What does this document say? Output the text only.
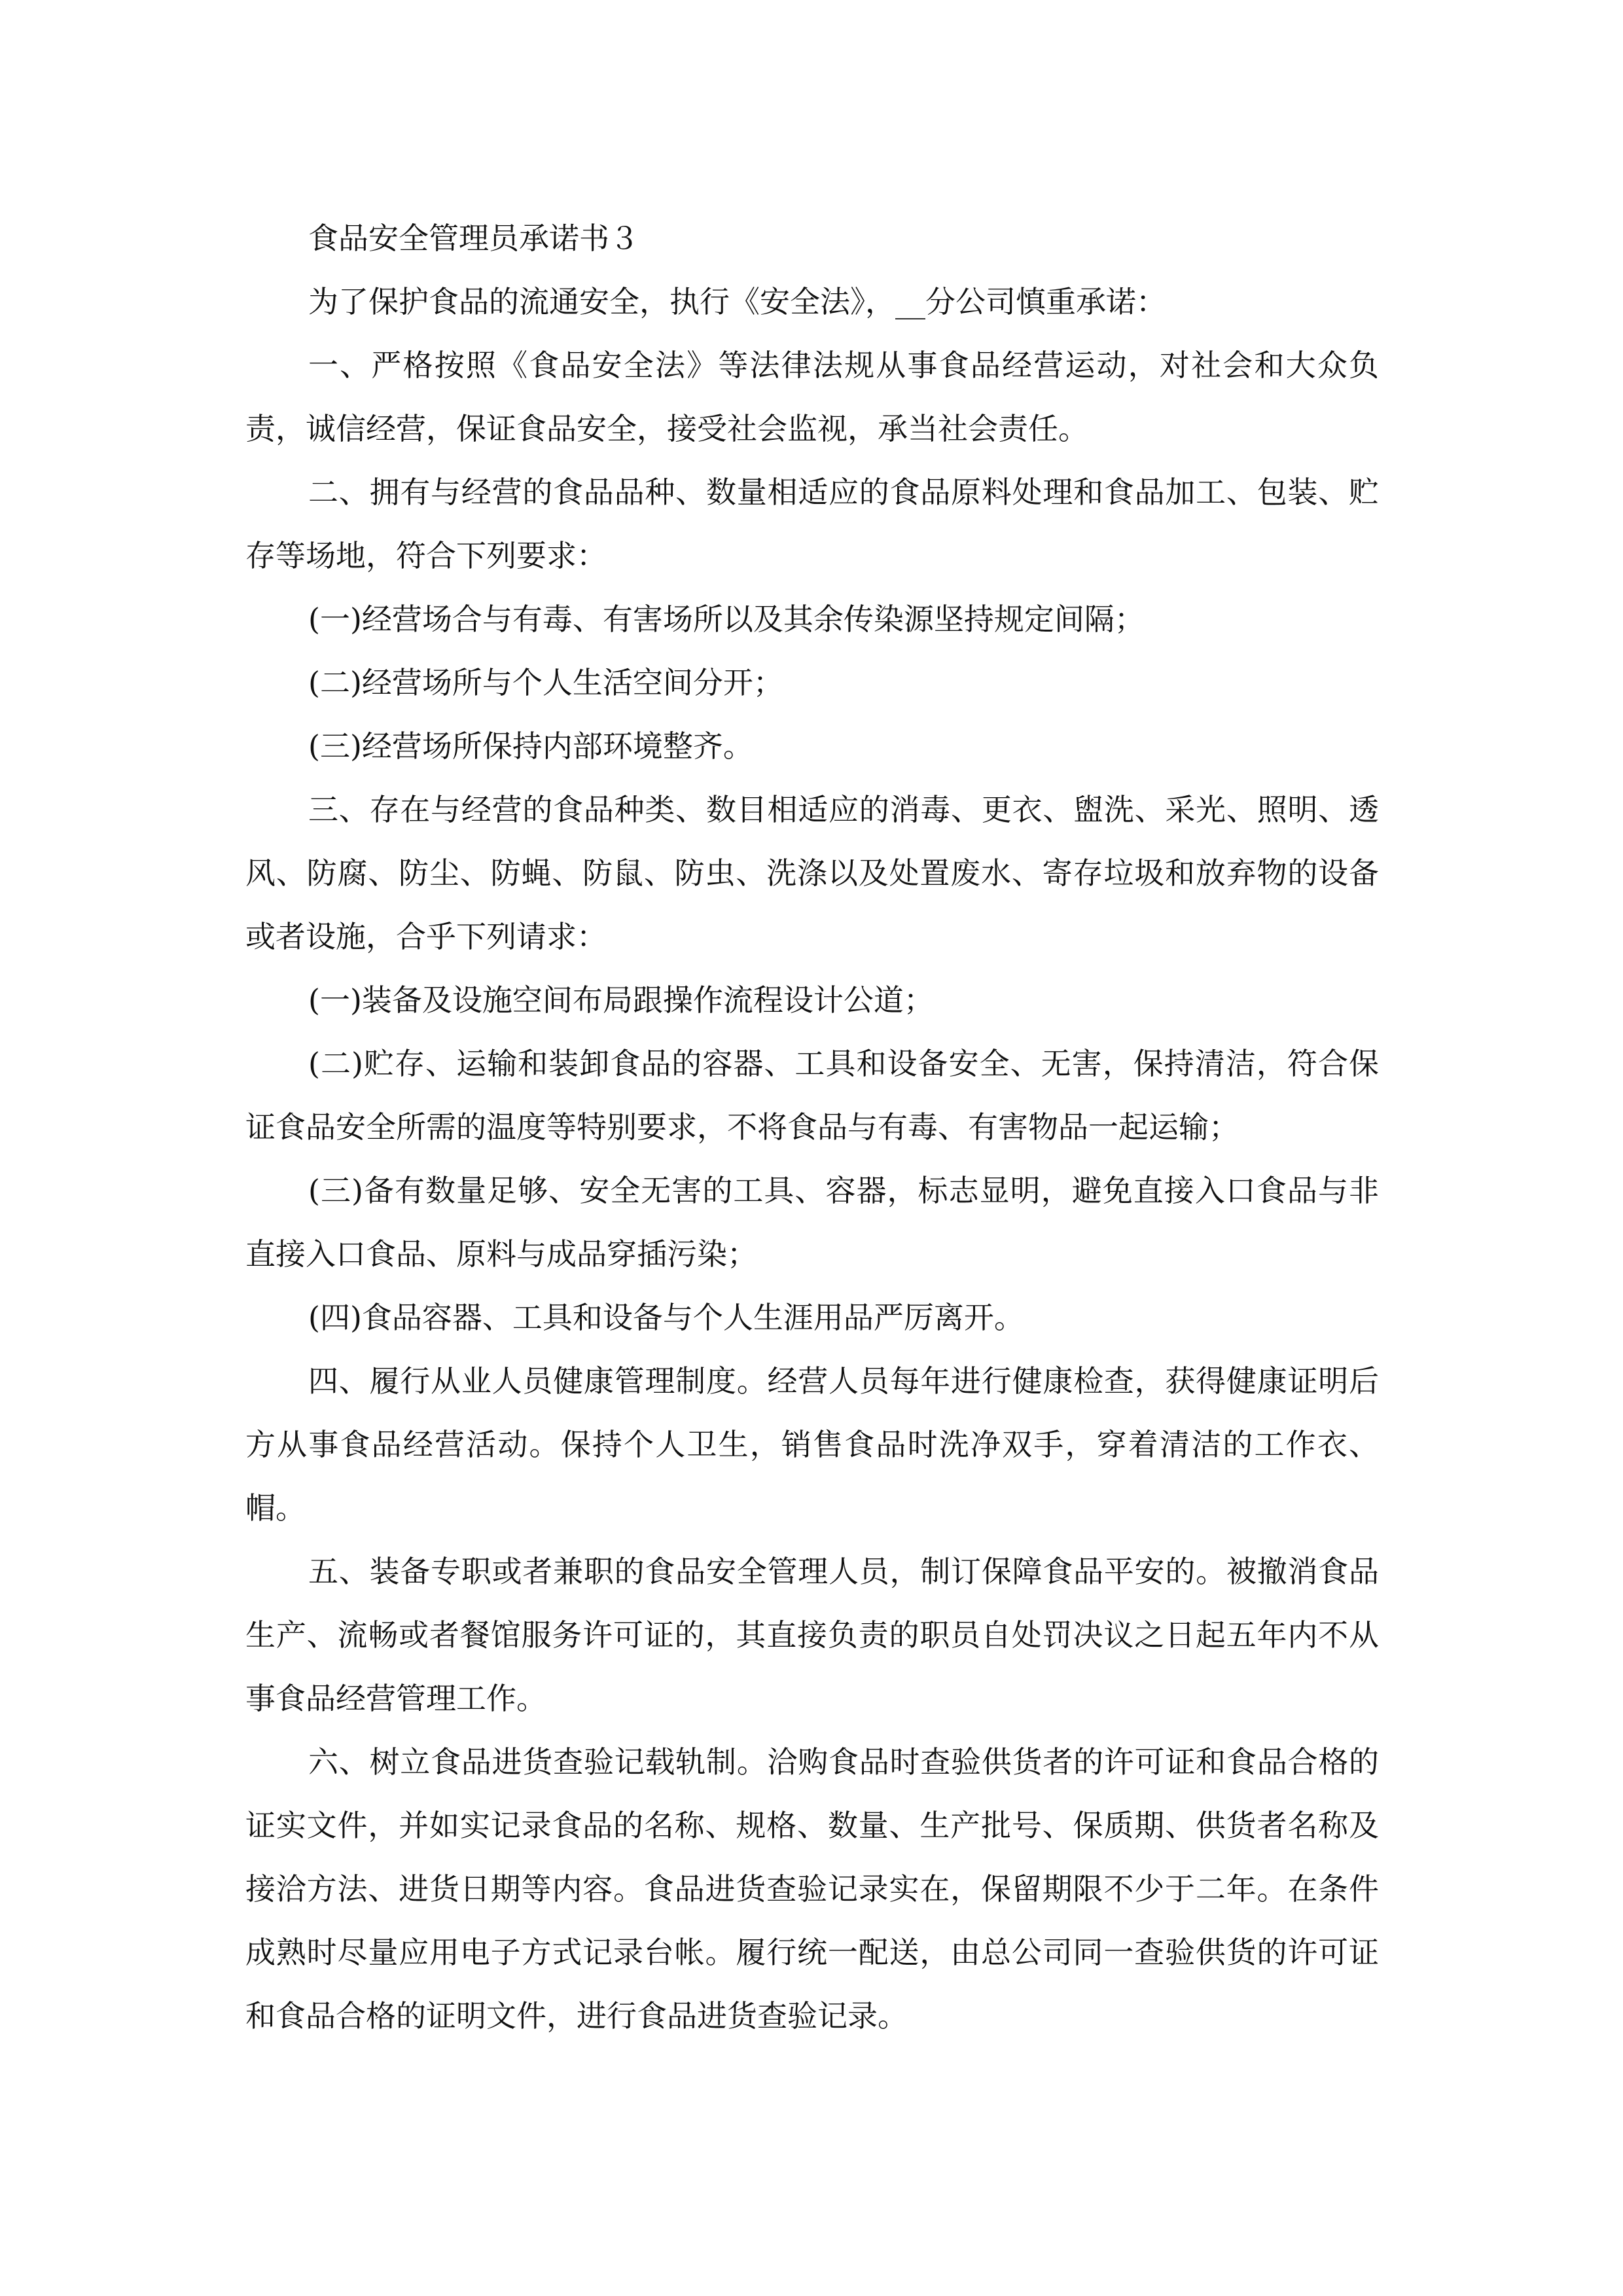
食品安全管理员承诺书３

为了保护食品的流通安全，执行《安全法》，__分公司慎重承诺：

一、严格按照《食品安全法》等法律法规从事食品经营运动，对社会和大众负责，诚信经营，保证食品安全，接受社会监视，承当社会责任。

二、拥有与经营的食品品种、数量相适应的食品原料处理和食品加工、包装、贮存等场地，符合下列要求：

(一)经营场合与有毒、有害场所以及其余传染源坚持规定间隔；

(二)经营场所与个人生活空间分开；

(三)经营场所保持内部环境整齐。

三、存在与经营的食品种类、数目相适应的消毒、更衣、盥洗、采光、照明、透风、防腐、防尘、防蝇、防鼠、防虫、洗涤以及处置废水、寄存垃圾和放弃物的设备或者设施，合乎下列请求：

(一)装备及设施空间布局跟操作流程设计公道；

(二)贮存、运输和装卸食品的容器、工具和设备安全、无害，保持清洁，符合保证食品安全所需的温度等特别要求，不将食品与有毒、有害物品一起运输；

(三)备有数量足够、安全无害的工具、容器，标志显明，避免直接入口食品与非直接入口食品、原料与成品穿插污染；

(四)食品容器、工具和设备与个人生涯用品严厉离开。

四、履行从业人员健康管理制度。经营人员每年进行健康检查，获得健康证明后方从事食品经营活动。保持个人卫生，销售食品时洗净双手，穿着清洁的工作衣、帽。

五、装备专职或者兼职的食品安全管理人员，制订保障食品平安的。被撤消食品生产、流畅或者餐馆服务许可证的，其直接负责的职员自处罚决议之日起五年内不从事食品经营管理工作。

六、树立食品进货查验记载轨制。洽购食品时查验供货者的许可证和食品合格的证实文件，并如实记录食品的名称、规格、数量、生产批号、保质期、供货者名称及接洽方法、进货日期等内容。食品进货查验记录实在，保留期限不少于二年。在条件成熟时尽量应用电子方式记录台帐。履行统一配送，由总公司同一查验供货的许可证和食品合格的证明文件，进行食品进货查验记录。
